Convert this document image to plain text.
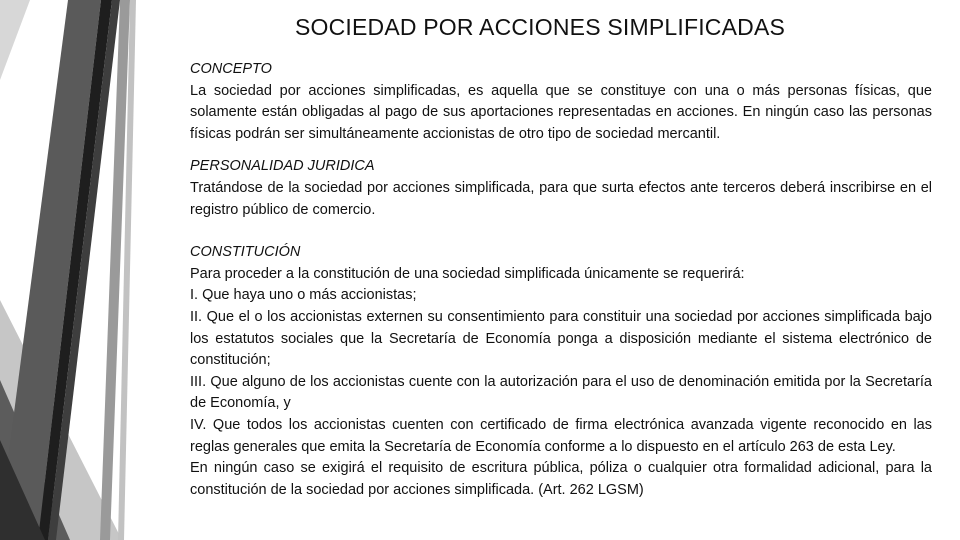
SOCIEDAD POR ACCIONES SIMPLIFICADAS
CONCEPTO
La sociedad por acciones simplificadas, es aquella que se constituye con una o más personas físicas, que solamente están obligadas al pago de sus aportaciones representadas en acciones. En ningún caso las personas físicas podrán ser simultáneamente accionistas de otro tipo de sociedad mercantil.
PERSONALIDAD JURIDICA
Tratándose de la sociedad por acciones simplificada, para que surta efectos ante terceros deberá inscribirse en el registro público de comercio.
CONSTITUCIÓN
Para proceder a la constitución de una sociedad simplificada únicamente se requerirá:
I. Que haya uno o más accionistas;
II. Que el o los accionistas externen su consentimiento para constituir una sociedad por acciones simplificada bajo los estatutos sociales que la Secretaría de Economía ponga a disposición mediante el sistema electrónico de constitución;
III. Que alguno de los accionistas cuente con la autorización para el uso de denominación emitida por la Secretaría de Economía, y
IV. Que todos los accionistas cuenten con certificado de firma electrónica avanzada vigente reconocido en las reglas generales que emita la Secretaría de Economía conforme a lo dispuesto en el artículo 263 de esta Ley.
En ningún caso se exigirá el requisito de escritura pública, póliza o cualquier otra formalidad adicional, para la constitución de la sociedad por acciones simplificada. (Art. 262 LGSM)
